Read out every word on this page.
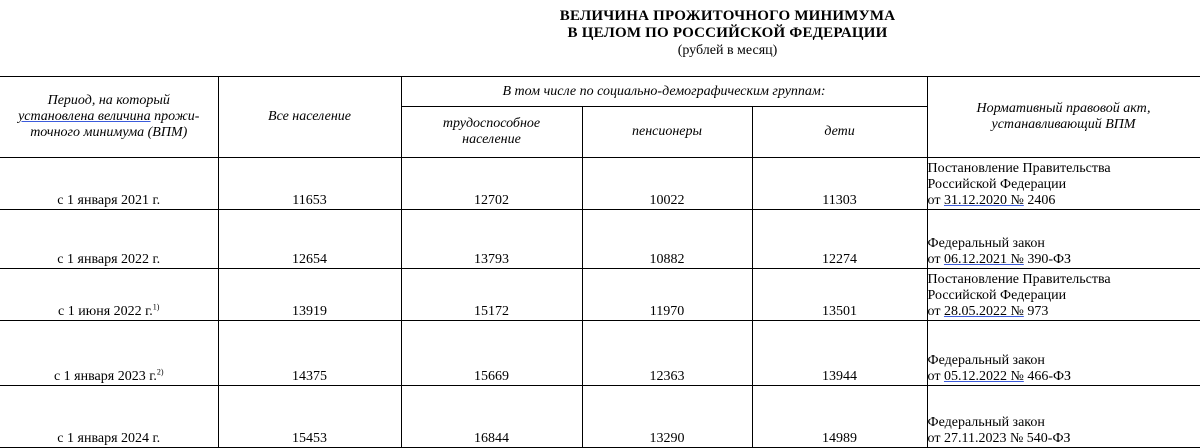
ВЕЛИЧИНА ПРОЖИТОЧНОГО МИНИМУМА
В ЦЕЛОМ ПО РОССИЙСКОЙ ФЕДЕРАЦИИ
(рублей в месяц)
Период, на который
установлена величина прожи-
точного минимума (ВПМ)	Все население	В том числе по социально-демографическим группам:			Нормативный правовой акт,
устанавливающий ВПМ

		трудоспособное население	пенсионеры	дети	
с 1 января 2021 г.	11653	12702	10022	11303	Постановление Правительства
Российской Федерации
от 31.12.2020 № 2406

с 1 января 2022 г.	12654	13793	10882	12274	Федеральный закон
от 06.12.2021 № 390-ФЗ

с 1 июня 2022 г.$^{1)}$	13919	15172	11970	13501	Постановление Правительства
Российской Федерации
от 28.05.2022 № 973

с 1 января 2023 г.$^{2)}$	14375	15669	12363	13944	Федеральный закон
от 05.12.2022 № 466-ФЗ

с 1 января 2024 г.	15453	16844	13290	14989	Федеральный закон
от 27.11.2023 № 540-ФЗ
